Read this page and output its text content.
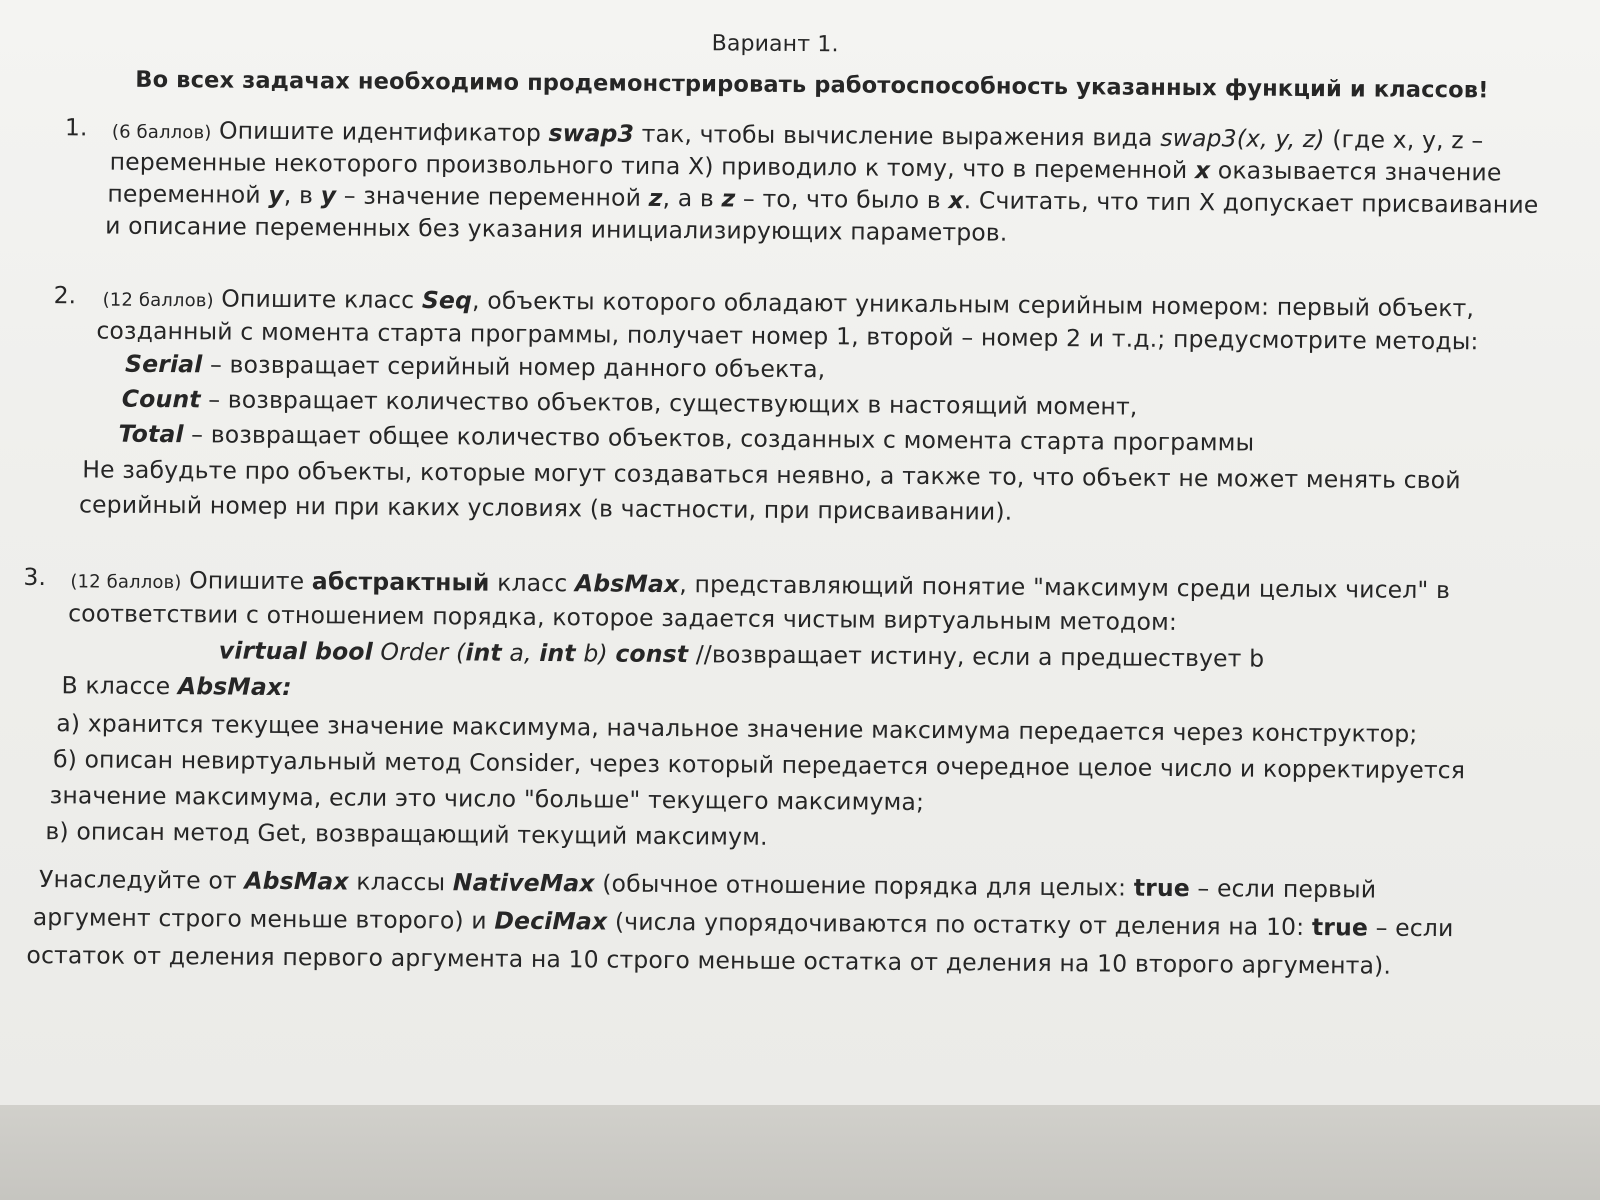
Вариант 1.
Во всех задачах необходимо продемонстрировать работоспособность указанных функций и классов!
1. (6 баллов) Опишите идентификатор swap3 так, чтобы вычисление выражения вида swap3(x, y, z) (где x, y, z –
переменные некоторого произвольного типа X) приводило к тому, что в переменной x оказывается значение
переменной y, в y – значение переменной z, а в z – то, что было в x. Считать, что тип X допускает присваивание
и описание переменных без указания инициализирующих параметров.
2. (12 баллов) Опишите класс Seq, объекты которого обладают уникальным серийным номером: первый объект,
созданный с момента старта программы, получает номер 1, второй – номер 2 и т.д.; предусмотрите методы:
Serial – возвращает серийный номер данного объекта,
Count – возвращает количество объектов, существующих в настоящий момент,
Total – возвращает общее количество объектов, созданных с момента старта программы
Не забудьте про объекты, которые могут создаваться неявно, а также то, что объект не может менять свой
серийный номер ни при каких условиях (в частности, при присваивании).
3. (12 баллов) Опишите абстрактный класс AbsMax, представляющий понятие "максимум среди целых чисел" в
соответствии с отношением порядка, которое задается чистым виртуальным методом:
virtual bool Order (int a, int b) const //возвращает истину, если a предшествует b
В классе AbsMax:
а) хранится текущее значение максимума, начальное значение максимума передается через конструктор;
б) описан невиртуальный метод Consider, через который передается очередное целое число и корректируется
значение максимума, если это число "больше" текущего максимума;
в) описан метод Get, возвращающий текущий максимум.
Унаследуйте от AbsMax классы NativeMax (обычное отношение порядка для целых: true – если первый
аргумент строго меньше второго) и DeciMax (числа упорядочиваются по остатку от деления на 10: true – если
остаток от деления первого аргумента на 10 строго меньше остатка от деления на 10 второго аргумента).
